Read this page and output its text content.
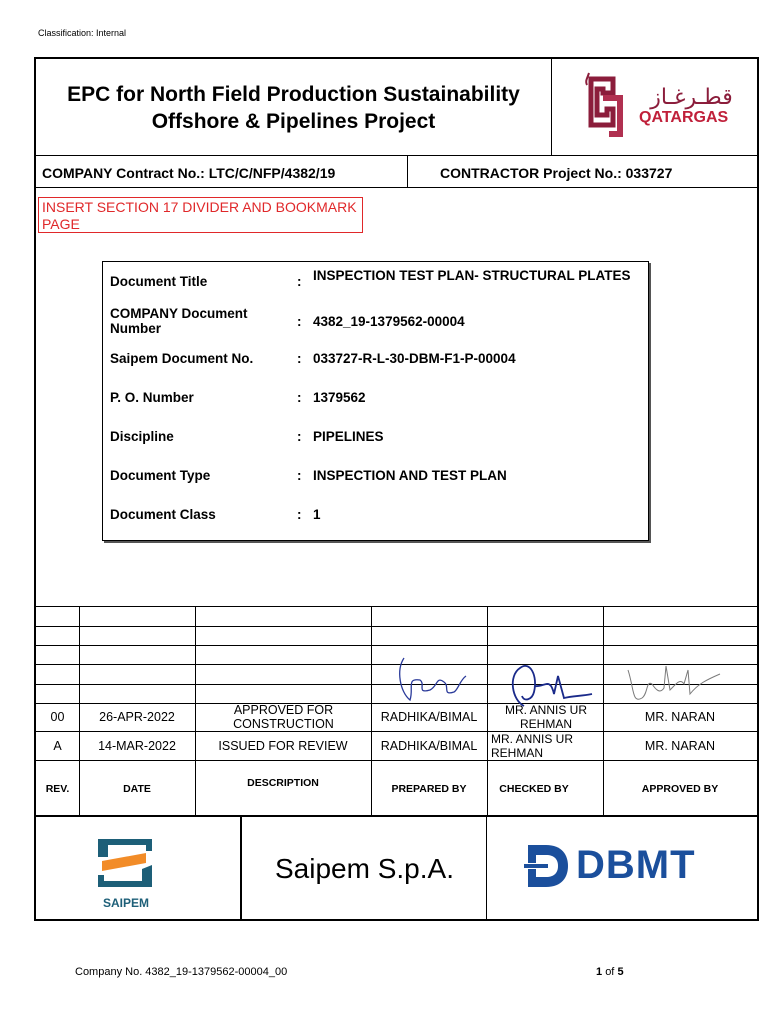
Classification: Internal
EPC for North Field Production Sustainability
Offshore & Pipelines Project
قطـرغـاز
QATARGAS
COMPANY Contract No.: LTC/C/NFP/4382/19	CONTRACTOR Project No.: 033727
INSERT SECTION 17 DIVIDER AND BOOKMARK PAGE
Document Title	: INSPECTION TEST PLAN- STRUCTURAL PLATES
COMPANY Document Number	: 4382_19-1379562-00004
Saipem Document No.	: 033727-R-L-30-DBM-F1-P-00004
P. O. Number	: 1379562
Discipline	: PIPELINES
Document Type	: INSPECTION AND TEST PLAN
Document Class	: 1
00	26-APR-2022	APPROVED FOR CONSTRUCTION	RADHIKA/BIMAL	MR. ANNIS UR REHMAN	MR. NARAN
A	14-MAR-2022	ISSUED FOR REVIEW	RADHIKA/BIMAL	MR. ANNIS UR REHMAN	MR. NARAN
REV.	DATE	DESCRIPTION	PREPARED BY	CHECKED BY	APPROVED BY
SAIPEM
Saipem S.p.A.	DBMT
Company No. 4382_19-1379562-00004_00	1 of 5
